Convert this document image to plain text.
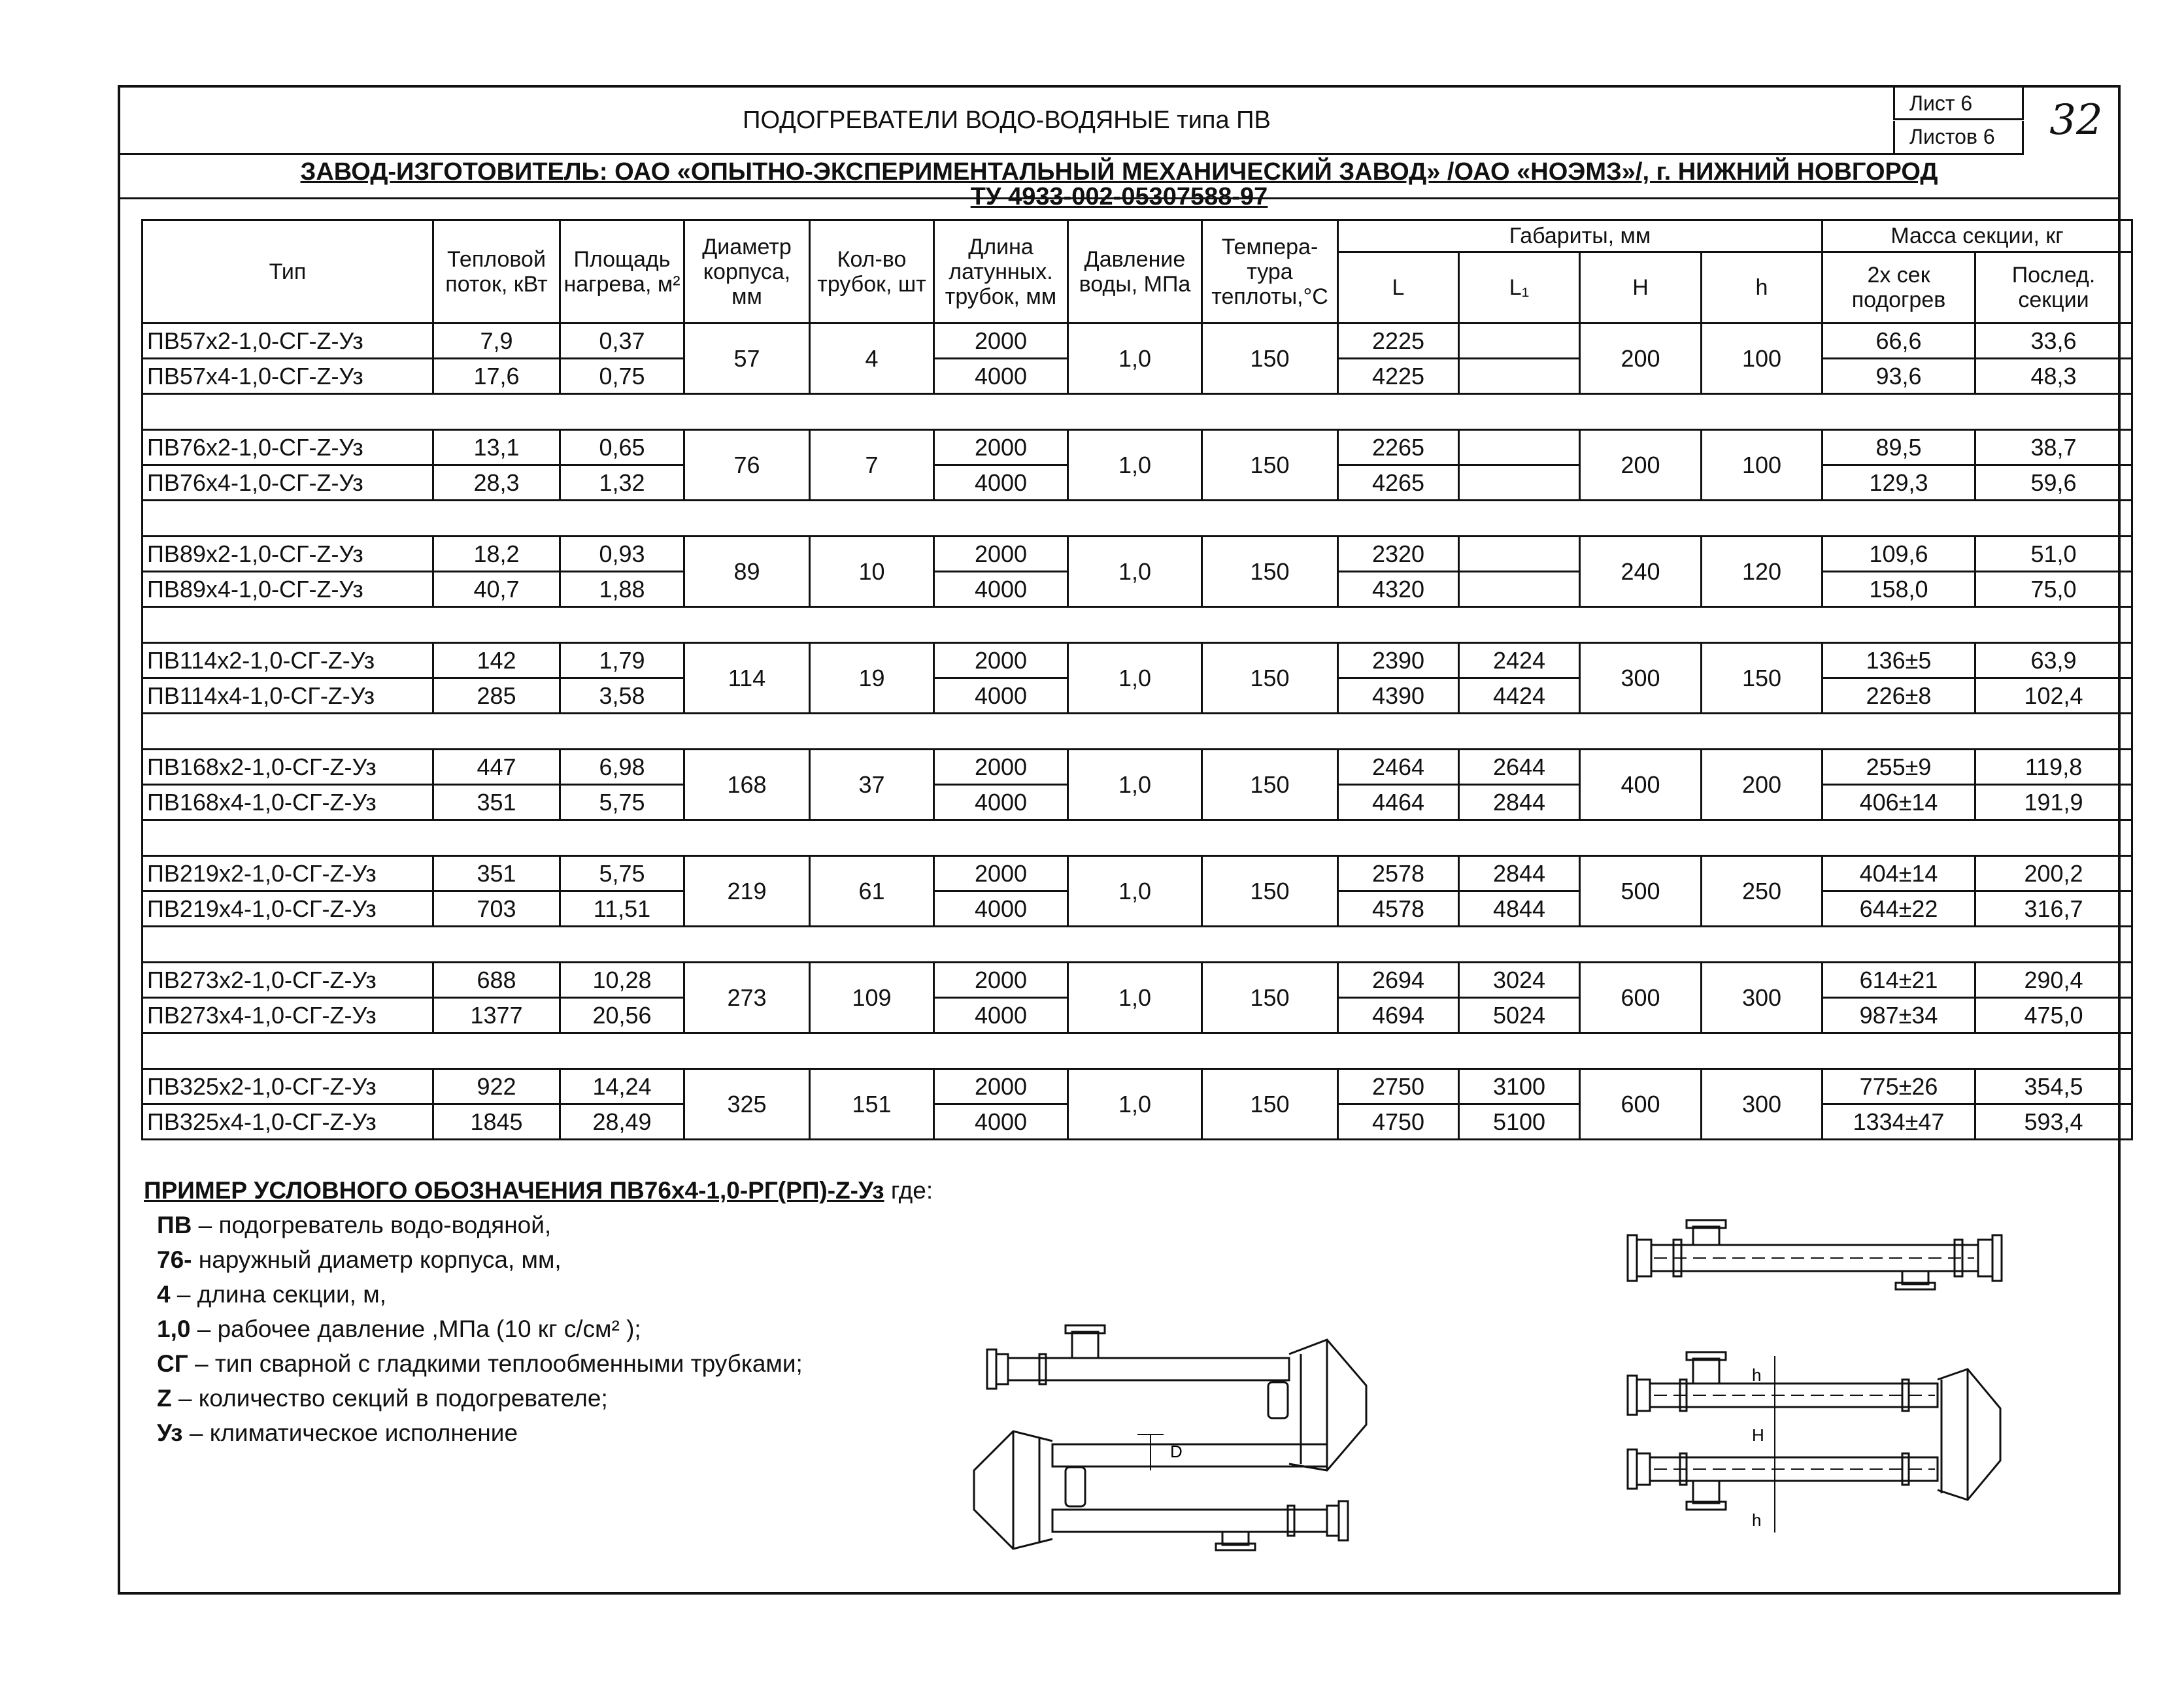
ПОДОГРЕВАТЕЛИ ВОДО-ВОДЯНЫЕ типа ПВ
Лист 6
Листов 6	32
ЗАВОД-ИЗГОТОВИТЕЛЬ: ОАО «ОПЫТНО-ЭКСПЕРИМЕНТАЛЬНЫЙ МЕХАНИЧЕСКИЙ ЗАВОД» /ОАО «НОЭМЗ»/, г. НИЖНИЙ НОВГОРОД
ТУ 4933-002-05307588-97
Тип	Тепловой поток, кВт	Площадь нагрева, м²	Диаметр корпуса, мм	Кол-во трубок, шт	Длина латунных. трубок, мм	Давление воды, МПа	Темпера-тура теплоты,°С	Габариты, мм				Масса секции, кг	
								L	L₁	H	h	2х сек подогрев	Послед. секции
ПВ57х2-1,0-СГ-Z-Уз	7,9	0,37	57	4	2000	1,0	150	2225		200	100	66,6	33,6
ПВ57х4-1,0-СГ-Z-Уз	17,6	0,75			4000			4225				93,6	48,3

ПВ76х2-1,0-СГ-Z-Уз	13,1	0,65	76	7	2000	1,0	150	2265		200	100	89,5	38,7
ПВ76х4-1,0-СГ-Z-Уз	28,3	1,32			4000			4265				129,3	59,6

ПВ89х2-1,0-СГ-Z-Уз	18,2	0,93	89	10	2000	1,0	150	2320		240	120	109,6	51,0
ПВ89х4-1,0-СГ-Z-Уз	40,7	1,88			4000			4320				158,0	75,0

ПВ114х2-1,0-СГ-Z-Уз	142	1,79	114	19	2000	1,0	150	2390	2424	300	150	136±5	63,9
ПВ114х4-1,0-СГ-Z-Уз	285	3,58			4000			4390	4424			226±8	102,4

ПВ168х2-1,0-СГ-Z-Уз	447	6,98	168	37	2000	1,0	150	2464	2644	400	200	255±9	119,8
ПВ168х4-1,0-СГ-Z-Уз	351	5,75			4000			4464	2844			406±14	191,9

ПВ219х2-1,0-СГ-Z-Уз	351	5,75	219	61	2000	1,0	150	2578	2844	500	250	404±14	200,2
ПВ219х4-1,0-СГ-Z-Уз	703	11,51			4000			4578	4844			644±22	316,7

ПВ273х2-1,0-СГ-Z-Уз	688	10,28	273	109	2000	1,0	150	2694	3024	600	300	614±21	290,4
ПВ273х4-1,0-СГ-Z-Уз	1377	20,56			4000			4694	5024			987±34	475,0

ПВ325х2-1,0-СГ-Z-Уз	922	14,24	325	151	2000	1,0	150	2750	3100	600	300	775±26	354,5
ПВ325х4-1,0-СГ-Z-Уз	1845	28,49			4000			4750	5100			1334±47	593,4
ПРИМЕР УСЛОВНОГО ОБОЗНАЧЕНИЯ ПВ76х4-1,0-РГ(РП)-Z-Уз где:
ПВ – подогреватель водо-водяной,
76- наружный диаметр корпуса, мм,
4 – длина секции, м,
1,0 – рабочее давление ,МПа (10 кг с/см² );
СГ – тип сварной с гладкими теплообменными трубками;
Z – количество секций в подогревателе;
Уз – климатическое исполнение
D
h
H
h
